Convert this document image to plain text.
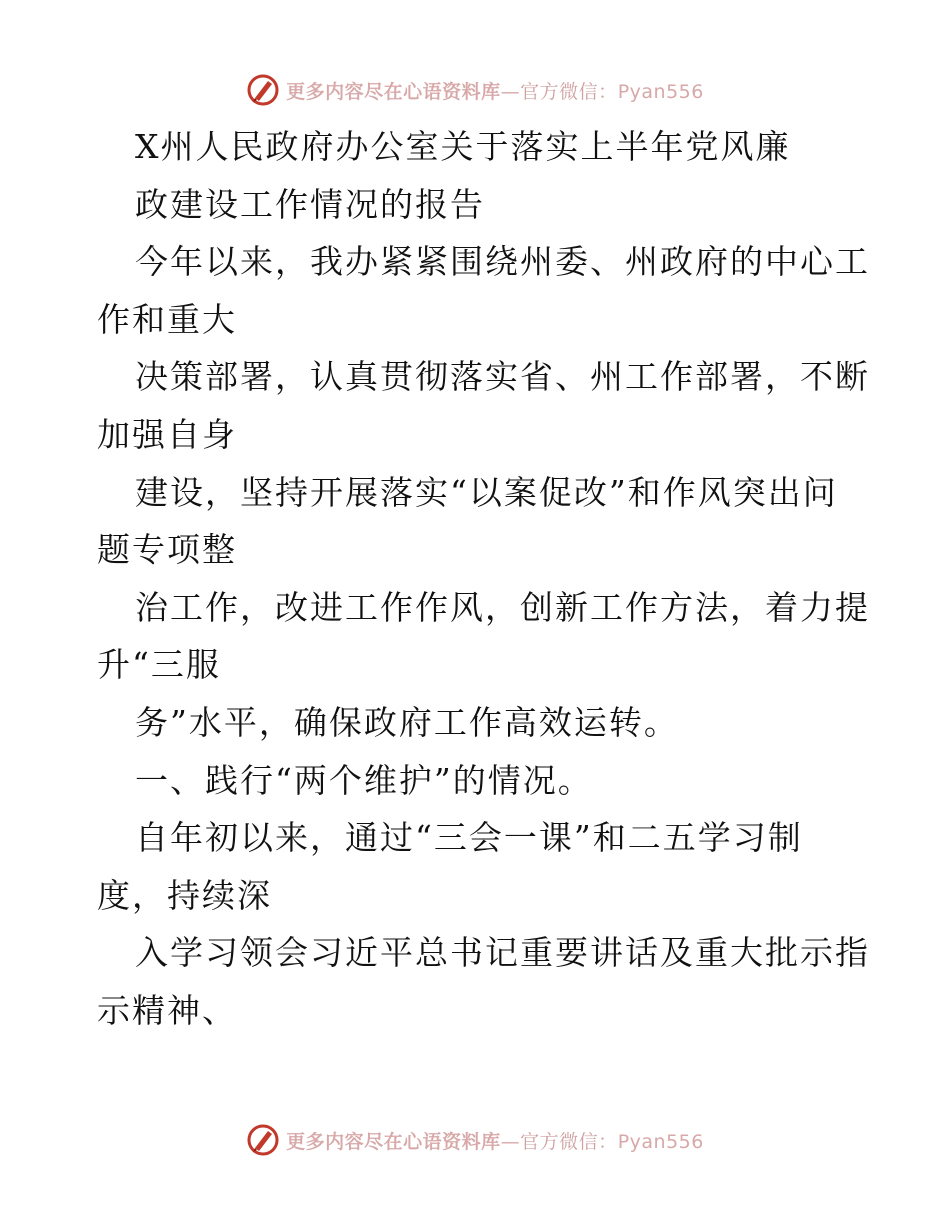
更多内容尽在心语资料库—官方微信：Pyan556
X州人民政府办公室关于落实上半年党风廉
政建设工作情况的报告
今年以来，我办紧紧围绕州委、州政府的中心工
作和重大
决策部署，认真贯彻落实省、州工作部署，不断
加强自身
建设，坚持开展落实“以案促改”和作风突出问
题专项整
治工作，改进工作作风，创新工作方法，着力提
升“三服
务”水平，确保政府工作高效运转。
一、践行“两个维护”的情况。
自年初以来，通过“三会一课”和二五学习制
度，持续深
入学习领会习近平总书记重要讲话及重大批示指
示精神、
更多内容尽在心语资料库—官方微信：Pyan556
